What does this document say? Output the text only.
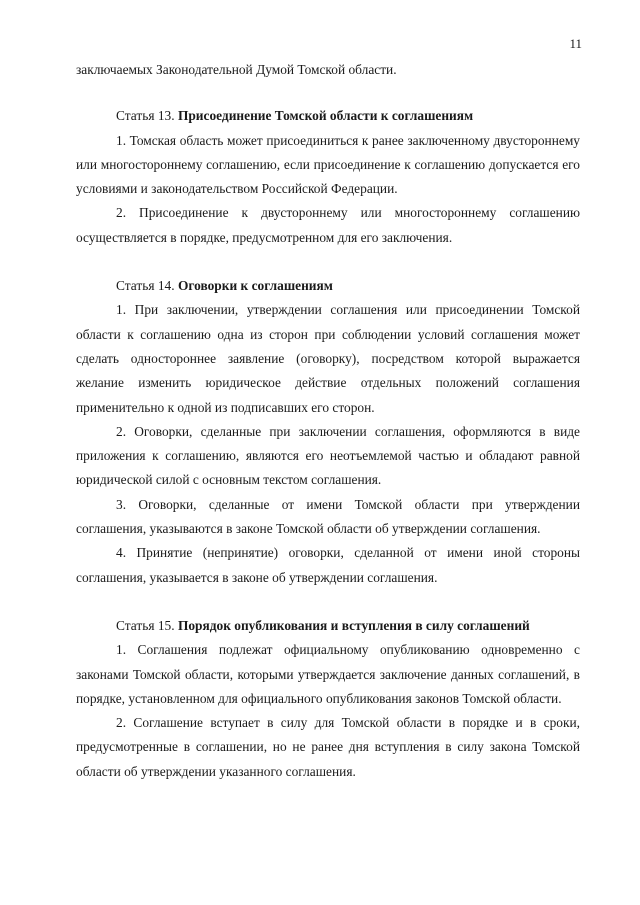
11

заключаемых Законодательной Думой Томской области.

Статья 13. Присоединение Томской области к соглашениям

1. Томская область может присоединиться к ранее заключенному двустороннему или многостороннему соглашению, если присоединение к соглашению допускается его условиями и законодательством Российской Федерации.

2. Присоединение к двустороннему или многостороннему соглашению осуществляется в порядке, предусмотренном для его заключения.

Статья 14. Оговорки к соглашениям

1. При заключении, утверждении соглашения или присоединении Томской области к соглашению одна из сторон при соблюдении условий соглашения может сделать одностороннее заявление (оговорку), посредством которой выражается желание изменить юридическое действие отдельных положений соглашения применительно к одной из подписавших его сторон.

2. Оговорки, сделанные при заключении соглашения, оформляются в виде приложения к соглашению, являются его неотъемлемой частью и обладают равной юридической силой с основным текстом соглашения.

3. Оговорки, сделанные от имени Томской области при утверждении соглашения, указываются в законе Томской области об утверждении соглашения.

4. Принятие (непринятие) оговорки, сделанной от имени иной стороны соглашения, указывается в законе об утверждении соглашения.

Статья 15. Порядок опубликования и вступления в силу соглашений

1. Соглашения подлежат официальному опубликованию одновременно с законами Томской области, которыми утверждается заключение данных соглашений, в порядке, установленном для официального опубликования законов Томской области.

2. Соглашение вступает в силу для Томской области в порядке и в сроки, предусмотренные в соглашении, но не ранее дня вступления в силу закона Томской области об утверждении указанного соглашения.
